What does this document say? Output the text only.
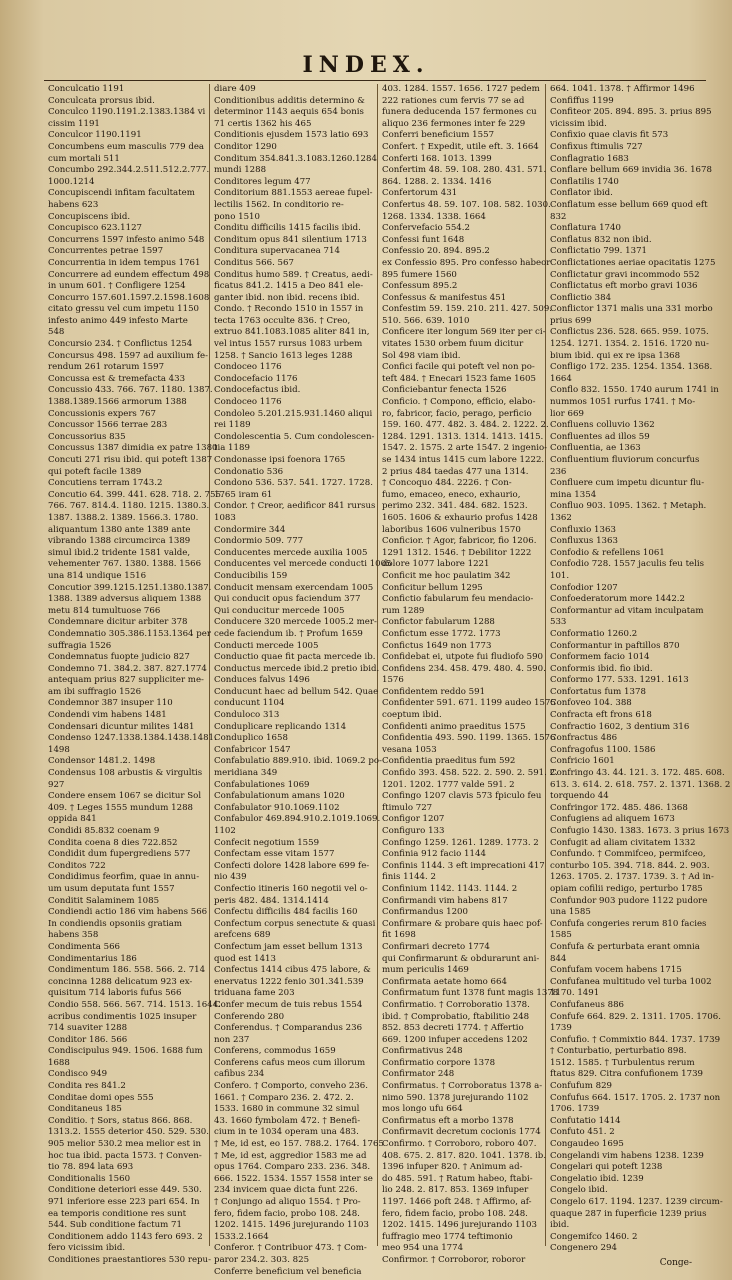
INDEX.
Conculcatio 1191
Conculcata prorsus ibid.
Conculco 1190.1191.2.1383.1384 vi
cissim 1191
Conculcor 1190.1191
Concumbens eum masculis 779 dea
cum mortali 511
Concumbo 292.344.2.511.512.2.777.
1000.1214
Concupiscendi infitam facultatem
habens 623
Concupiscens ibid.
Concupisco 623.1127
Concurrens 1597 infesto animo 548
Concurrentes petrae 1597
Concurrentia in idem tempus 1761
Concurrere ad eundem effectum 498
in unum 601. † Confligere 1254
Concurro 157.601.1597.2.1598.1608
citato gressu vel cum impetu 1150
infesto animo 449 infesto Marte
548
Concursio 234. † Conflictus 1254
Concursus 498. 1597 ad auxilium fe-
rendum 261 rotarum 1597
Concussa est & tremefacta 433
Concussio 433. 766. 767. 1180. 1387.
1388.1389.1566 armorum 1388
Concussionis expers 767
Concussor 1566 terrae 283
Concussorius 835
Concussus 1387 dimidia ex patre 1380
Concuti 271 risu ibid. qui poteft 1387
qui poteft facile 1389
Concutiens terram 1743.2
Concutio 64. 399. 441. 628. 718. 2. 755.
766. 767. 814.4. 1180. 1215. 1380.3.
1387. 1388.2. 1389. 1566.3. 1780.
aliquantum 1380 ante 1389 ante
vibrando 1388 circumcirca 1389
simul ibid.2 tridente 1581 valde,
vehementer 767. 1380. 1388. 1566
una 814 undique 1516
Concutior 399.1215.1251.1380.1387.
1388. 1389 adversus aliquem 1388
metu 814 tumultuose 766
Condemnare dicitur arbiter 378
Condemnatio 305.386.1153.1364 per
suffragia 1526
Condemnatus fuopte judicio 827
Condemno 71. 384.2. 387. 827.1774
antequam prius 827 suppliciter me-
am ibi suffragio 1526
Condemnor 387 insuper 110
Condendi vim habens 1481
Condensari dicuntur milites 1481
Condenso 1247.1338.1384.1438.1481.
1498
Condensor 1481.2. 1498
Condensus 108 arbustis & virgultis
927
Condere ensem 1067 se dicitur Sol
409. † Leges 1555 mundum 1288
oppida 841
Condidi 85.832 coenam 9
Condita coena 8 dies 722.852
Condidit dum fupergrediens 577
Conditos 722
Condidimus feorfim, quae in annu-
um usum deputata funt 1557
Conditit Salaminem 1085
Condiendi actio 186 vim habens 566
In condiendis opsoniis gratiam
habens 358
Condimenta 566
Condimentarius 186
Condimentum 186. 558. 566. 2. 714
concinna 1288 delicatum 923 ex-
quisitum 714 laboris fufus 566
Condio 558. 566. 567. 714. 1513. 1644.
acribus condimentis 1025 insuper
714 suaviter 1288
Conditor 186. 566
Condiscipulus 949. 1506. 1688 fum
1688
Condisco 949
Condita res 841.2
Conditae domi opes 555
Conditaneus 185
Conditio. † Sors, status 866. 868.
1313.2. 1555 deterior 450. 529. 530.
905 melior 530.2 mea melior est in
hoc tua ibid. pacta 1573. † Conven-
tio 78. 894 lata 693
Conditionalis 1560
Conditione deteriori esse 449. 530.
971 inferiore esse 223 pari 654. In
ea temporis conditione res sunt
544. Sub conditione factum 71
Conditionem addo 1143 fero 693. 2
fero vicissim ibid.
Conditiones praestantiores 530 repu-
diare 409
Conditionibus additis determino &
determinor 1143 aequis 654 bonis
71 certis 1362 his 465
Conditionis ejusdem 1573 latio 693
Conditor 1290
Conditum 354.841.3.1083.1260.1284
mundi 1288
Conditores legum 477
Conditorium 881.1553 aereae fupel-
lectilis 1562. In conditorio re-
pono 1510
Conditu difficilis 1415 facilis ibid.
Conditum opus 841 silentium 1713
Conditura supervacanea 714
Conditus 566. 567
Conditus humo 589. † Creatus, aedi-
ficatus 841.2. 1415 a Deo 841 ele-
ganter ibid. non ibid. recens ibid.
Condo. † Recondo 1510 in 1557 in
tecta 1763 occulte 836. † Creo,
extruo 841.1083.1085 aliter 841 in,
vel intus 1557 rursus 1083 urbem
1258. † Sancio 1613 leges 1288
Condoceo 1176
Condocefacio 1176
Condocefactus ibid.
Condoceo 1176
Condoleo 5.201.215.931.1460 aliqui
rei 1189
Condolescentia 5. Cum condolescen-
tia 1189
Condonasse ipsi foenora 1765
Condonatio 536
Condono 536. 537. 541. 1727. 1728.
1765 iram 61
Condor. † Creor, aedificor 841 rursus
1083
Condormire 344
Condormio 509. 777
Conducentes mercede auxilia 1005
Conducentes vel mercede conducti 1005
Conducibilis 159
Conducit mensam exercendam 1005
Qui conducit opus faciendum 377
Qui conducitur mercede 1005
Conducere 320 mercede 1005.2 mer-
cede faciendum ib. † Profum 1659
Conducti mercede 1005
Conductio quae fit pacta mercede ib.
Conductus mercede ibid.2 pretio ibid.
Conduces falvus 1496
Conducunt haec ad bellum 542. Quae
conducunt 1104
Conduloco 313
Conduplicare replicando 1314
Conduplico 1658
Confabricor 1547
Confabulatio 889.910. ibid. 1069.2 po-
meridiana 349
Confabulationes 1069
Confabulationum amans 1020
Confabulator 910.1069.1102
Confabulor 469.894.910.2.1019.1069.
1102
Confecit negotium 1559
Confectam esse vitam 1577
Confecti dolore 1428 labore 699 fe-
nio 439
Confectio itineris 160 negotii vel o-
peris 482. 484. 1314.1414
Confectu difficilis 484 facilis 160
Confectum corpus senectute & quasi
arefcens 689
Confectum jam esset bellum 1313
quod est 1413
Confectus 1414 cibus 475 labore, &
enervatus 1222 fenio 301.341.539
triduana fame 203
Confer mecum de tuis rebus 1554
Conferendo 280
Conferendus. † Comparandus 236
non 237
Conferens, commodus 1659
Conferens cafus meos cum illorum
cafibus 234
Confero. † Comporto, conveho 236.
1661. † Comparo 236. 2. 472. 2.
1533. 1680 in commune 32 simul
43. 1660 fymbolam 472. † Benefi-
cium in te 1034 operam una 483.
† Me, id est, eo 157. 788.2. 1764. 1765
† Me, id est, aggredior 1583 me ad
opus 1764. Comparo 233. 236. 348.
666. 1522. 1534. 1557 1558 inter se
234 invicem quae dicta funt 226.
† Conjungo ad aliquo 1554. † Pro-
fero, fidem facio, probo 108. 248.
1202. 1415. 1496 jurejurando 1103
1533.2.1664
Conferor. † Contribuor 473. † Com-
paror 234.2. 303. 825
Conferre beneficium vel beneficia
403. 1284. 1557. 1656. 1727 pedem
222 rationes cum fervis 77 se ad
funera deducenda 157 fermones cu
aliquo 236 fermones inter fe 229
Conferri beneficium 1557
Confert. † Expedit, utile eft. 3. 1664
Conferti 168. 1013. 1399
Confertim 48. 59. 108. 280. 431. 571.
864. 1288. 2. 1334. 1416
Confertorum 431
Confertus 48. 59. 107. 108. 582. 1030.
1268. 1334. 1338. 1664
Confervefacio 554.2
Confessi funt 1648
Confessio 20. 894. 895.2
ex Confessio 895. Pro confesso habeor
895 fumere 1560
Confessum 895.2
Confessus & manifestus 451
Confestim 59. 159. 210. 211. 427. 509.
510. 566. 639. 1010
Conficere iter longum 569 iter per ci-
vitates 1530 orbem fuum dicitur
Sol 498 viam ibid.
Confici facile qui poteft vel non po-
teft 484. † Enecari 1523 fame 1605
Conficiebantur fenecta 1526
Conficio. † Compono, efficio, elabo-
ro, fabricor, facio, perago, perficio
159. 160. 477. 482. 3. 484. 2. 1222. 2.
1284. 1291. 1313. 1314. 1413. 1415.
1547. 2. 1575. 2 arte 1547. 2 ingenio-
se 1434 intus 1415 cum labore 1222.
2 prius 484 taedas 477 una 1314.
† Concoquo 484. 2226. † Con-
fumo, emaceo, eneco, exhaurio,
perimo 232. 341. 484. 682. 1523.
1605. 1606 & exhaurio profus 1428
laboribus 1606 vulneribus 1570
Conficior. † Agor, fabricor, fio 1206.
1291 1312. 1546. † Debilitor 1222
dolore 1077 labore 1221
Conficit me hoc paulatim 342
Conficitur bellum 1295
Confictio fabularum feu mendacio-
rum 1289
Confictor fabularum 1288
Confictum esse 1772. 1773
Confictus 1649 non 1773
Confidebat ei, utpote fui fludiofo 590
Confidens 234. 458. 479. 480. 4. 590.
1576
Confidentem reddo 591
Confidenter 591. 671. 1199 audeo 1575
coeptum ibid.
Confidenti animo praeditus 1575
Confidentia 493. 590. 1199. 1365. 1576
vesana 1053
Confidentia praeditus fum 592
Confido 393. 458. 522. 2. 590. 2. 591. 2.
1201. 1202. 1777 valde 591. 2
Confingo 1207 clavis 573 fpiculo feu
ftimulo 727
Configor 1207
Configuro 133
Confingo 1259. 1261. 1289. 1773. 2
Confinia 912 facio 1144
Confinis 1144. 3 eft imprecationi 417
finis 1144. 2
Confinium 1142. 1143. 1144. 2
Confirmandi vim habens 817
Confirmandus 1200
Confirmare & probare quis haec pof-
fit 1698
Confirmari decreto 1774
qui Confirmarunt & obdurarunt ani-
mum periculis 1469
Confirmata aetate homo 664
Confirmatum funt 1378 funt magis 1378
Confirmatio. † Corroboratio 1378.
ibid. † Comprobatio, ftabilitio 248
852. 853 decreti 1774. † Affertio
669. 1200 infuper accedens 1202
Confirmativus 248
Confirmatio corpore 1378
Confirmator 248
Confirmatus. † Corroboratus 1378 a-
nimo 590. 1378 jurejurando 1102
mos longo ufu 664
Confirmatus eft a morbo 1378
Confirmavit decretum cocionis 1774
Confirmo. † Corroboro, roboro 407.
408. 675. 2. 817. 820. 1041. 1378. ib.
1396 infuper 820. † Animum ad-
do 485. 591. † Ratum habeo, ftabi-
lio 248. 2. 817. 853. 1369 infuper
1197. 1466 poft 248. † Affirmo, af-
fero, fidem facio, probo 108. 248.
1202. 1415. 1496 jurejurando 1103
fuffragio meo 1774 teftimonio
meo 954 una 1774
Confirmor. † Corroboror, roboror
664. 1041. 1378. † Affirmor 1496
Confiffus 1199
Confiteor 205. 894. 895. 3. prius 895
vicissim ibid.
Confixio quae clavis fit 573
Confixus ftimulis 727
Conflagratio 1683
Conflare bellum 669 invidia 36. 1678
Conflatilis 1740
Conflator ibid.
Conflatum esse bellum 669 quod eft
832
Conflatura 1740
Conflatus 832 non ibid.
Conflictatio 799. 1371
Conflictationes aeriae opacitatis 1275
Conflictatur gravi incommodo 552
Conflictatus eft morbo gravi 1036
Conflictio 384
Conflictor 1371 malis una 331 morbo
prius 699
Conflictus 236. 528. 665. 959. 1075.
1254. 1271. 1354. 2. 1516. 1720 nu-
bium ibid. qui ex re ipsa 1368
Confligo 172. 235. 1254. 1354. 1368.
1664
Conflo 832. 1550. 1740 aurum 1741 in
nummos 1051 rurfus 1741. † Mo-
lior 669
Confluens colluvio 1362
Confluentes ad illos 59
Confluentia, ae 1363
Confluentium fluviorum concurfus
236
Confluere cum impetu dicuntur flu-
mina 1354
Confluo 903. 1095. 1362. † Metaph.
1362
Confluxio 1363
Confluxus 1363
Confodio & refellens 1061
Confodio 728. 1557 jaculis feu telis
101.
Confodior 1207
Confoederatorum more 1442.2
Conformantur ad vitam inculpatam
533
Conformatio 1260.2
Conformantur in paftillos 870
Conformem facio 1014
Conformis ibid. fio ibid.
Conformo 177. 533. 1291. 1613
Confortatus fum 1378
Confoveo 104. 388
Confracta eft frons 618
Confractio 1602, 3 dentium 316
Confractus 486
Confragofus 1100. 1586
Confricio 1601
Confringo 43. 44. 121. 3. 172. 485. 608.
613. 3. 614. 2. 618. 757. 2. 1371. 1368. 2
torquendo 44
Confringor 172. 485. 486. 1368
Confugiens ad aliquem 1673
Confugio 1430. 1383. 1673. 3 prius 1673
Confugit ad aliam civitatem 1332
Confundo. † Commifceo, permifceo,
conturbo 105. 394. 718. 844. 2. 903.
1263. 1705. 2. 1737. 1739. 3. † Ad in-
opiam cofilii redigo, perturbo 1785
Confundor 903 pudore 1122 pudore
una 1585
Confufa congeries rerum 810 facies
1585
Confufa & perturbata erant omnia
844
Confufam vocem habens 1715
Confufanea multitudo vel turba 1002
1170. 1491
Confufaneus 886
Confufe 664. 829. 2. 1311. 1705. 1706.
1739
Confufio. † Commixtio 844. 1737. 1739
† Conturbatio, perturbatio 898.
1512. 1585. † Turbulentus rerum
ftatus 829. Citra confufionem 1739
Confufum 829
Confufus 664. 1517. 1705. 2. 1737 non
1706. 1739
Confutatio 1414
Confuto 451. 2
Congaudeo 1695
Congelandi vim habens 1238. 1239
Congelari qui poteft 1238
Congelatio ibid. 1239
Congelo ibid.
Congelo 617. 1194. 1237. 1239 circum-
quaque 287 in fuperficie 1239 prius
ibid.
Congemifco 1460. 2
Congenero 294
Conge-
